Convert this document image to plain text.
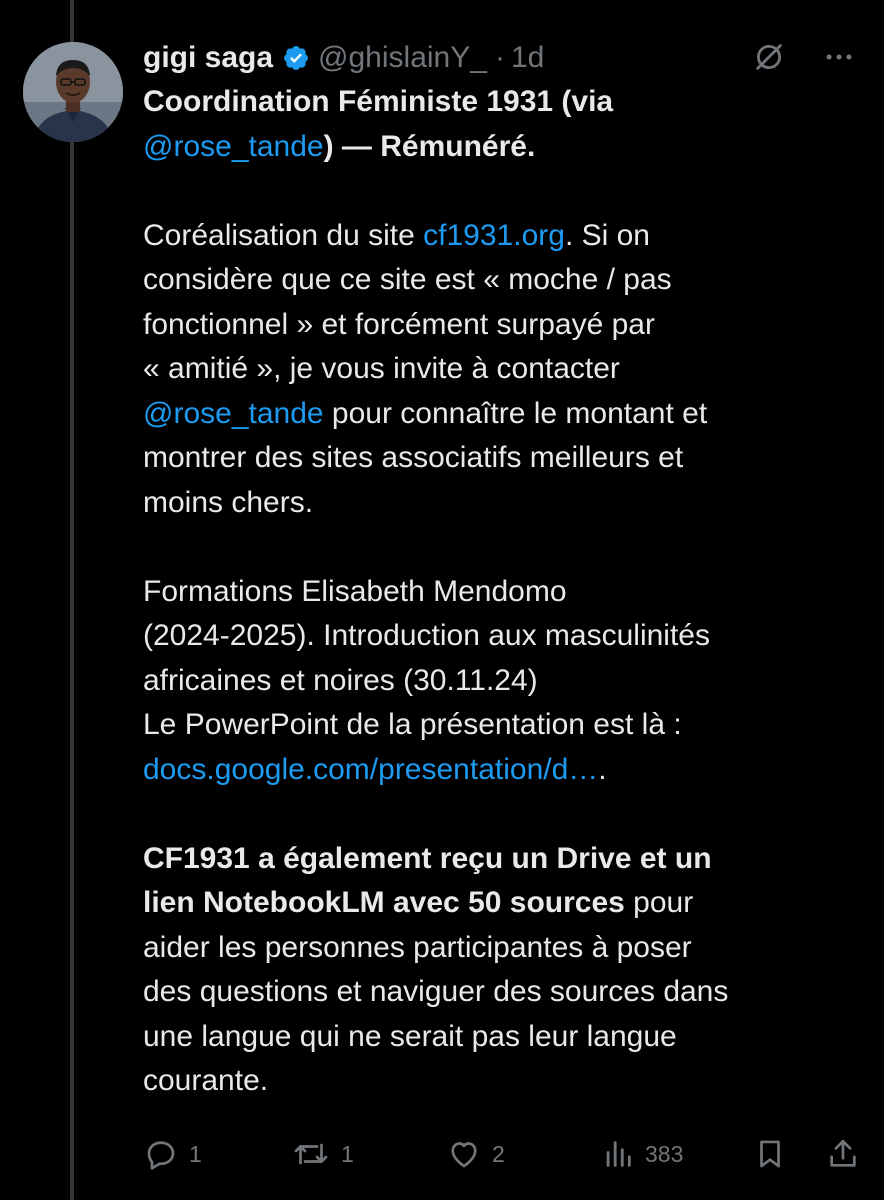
gigi saga @ghislainY_ · 1d

Coordination Féministe 1931 (via

@rose_tande) — Rémunéré.

Coréalisation du site cf1931.org. Si on

considère que ce site est « moche / pas

fonctionnel » et forcément surpayé par

« amitié », je vous invite à contacter

@rose_tande pour connaître le montant et

montrer des sites associatifs meilleurs et

moins chers.

Formations Elisabeth Mendomo

(2024-2025). Introduction aux masculinités

africaines et noires (30.11.24)

Le PowerPoint de la présentation est là :

docs.google.com/presentation/d….

CF1931 a également reçu un Drive et un

lien NotebookLM avec 50 sources pour

aider les personnes participantes à poser

des questions et naviguer des sources dans

une langue qui ne serait pas leur langue

courante.

1	1	2	383
